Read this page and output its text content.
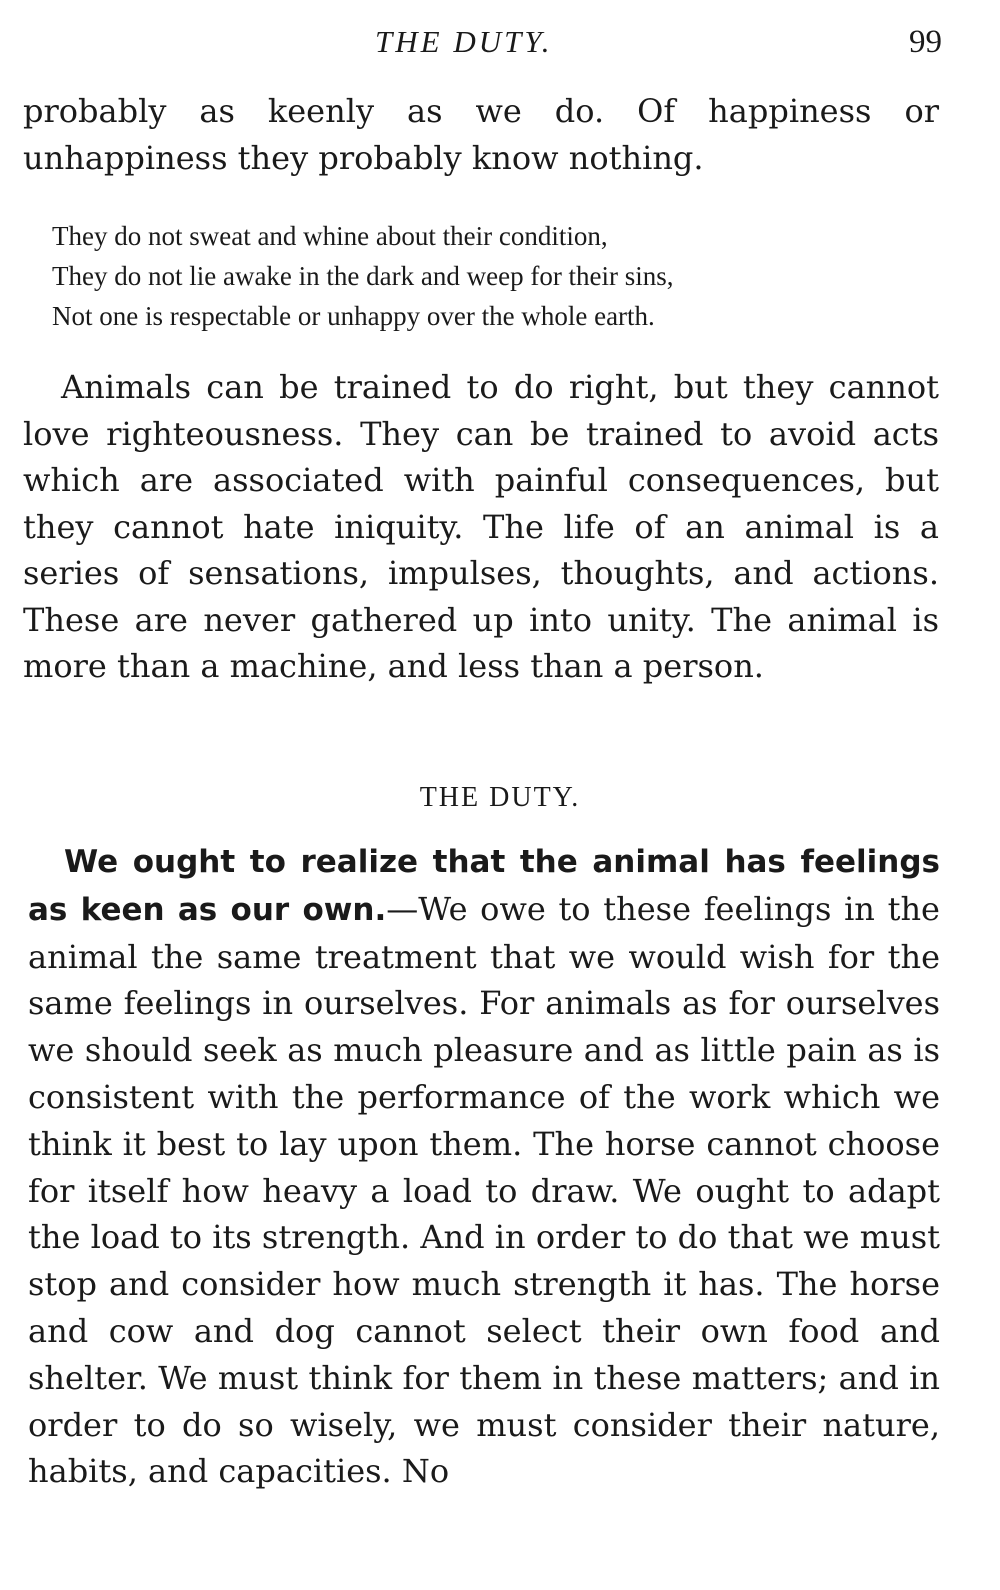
THE DUTY.	99

probably as keenly as we do. Of happiness or unhappiness they probably know nothing.

They do not sweat and whine about their condition,
They do not lie awake in the dark and weep for their sins,
Not one is respectable or unhappy over the whole earth.

Animals can be trained to do right, but they cannot love righteousness. They can be trained to avoid acts which are associated with painful consequences, but they cannot hate iniquity. The life of an animal is a series of sensations, impulses, thoughts, and actions. These are never gathered up into unity. The animal is more than a machine, and less than a person.

THE DUTY.

We ought to realize that the animal has feelings as keen as our own.—We owe to these feelings in the animal the same treatment that we would wish for the same feelings in ourselves. For animals as for ourselves we should seek as much pleasure and as little pain as is consistent with the performance of the work which we think it best to lay upon them. The horse cannot choose for itself how heavy a load to draw. We ought to adapt the load to its strength. And in order to do that we must stop and consider how much strength it has. The horse and cow and dog cannot select their own food and shelter. We must think for them in these matters; and in order to do so wisely, we must consider their nature, habits, and capacities. No
